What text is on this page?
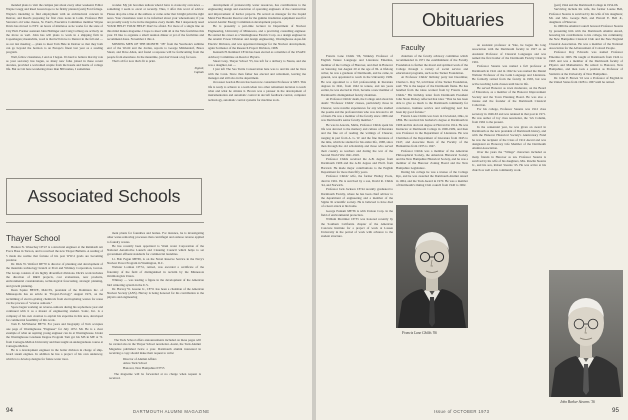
mended plans to visit the campus just about every other weekend. Editor Wayne Gregg and Reed Green hope to be firmly planted (som) Ford foliage. Wayne's intending to find employment with an architectural concern in Denver, and Reed's preparing for first class notes in Latin. Professor Bill Stevens's old wine cheese, St. Paul's, Executive Committee member Wayne Davis has moved to NYC on hours of mistletoe as he works for the state of City Hall. Former assistant John Hollinger and Craig Colburg are actively on the move as well. John has will plans to work in a shipping firm in Copenhagen; meanwhile, word is that he'll move to Denver in the fall and — as our last meeting — plans to meet Tom Hale in Denver so that they both can go beyond the horizon to an Europe's finest last year as a reading program.

Well, fellow classmates, I end as I began. It's hard to believe that my role as your secretary has begun, so many new folks joined in these recent decades, provided a welcomed respite from the hassle and bustle of college life. But as I sit here wondering more than 800 names, I sometimes

wonder. My job becomes tedious when I have to create my own news — something I seem to excel at recently. Thus, I offer this word of advice: Please drop me a line at the address or come order that I might print the right news. Your classmates want to be informed about your whereabouts; if you are proudly ready to be in the magazine every month. But I desperately need YOUR HELP! YOUR HELP! Don't be afraid. For more of a single line on this mind makes magazine. I hope to meet with all at the Yale festivities this year. I'd like to organize a small reunion dinner at yet of the festivities and recommend dates. November 2 this 4.

MISSING MEN OF THE MONTH: "28" from the Yearbook's sublime end of the World and the Jordan, reports to George Middendorf, Bruce Stuart, and Dave Allen, and found a response will be forthcoming from the people from elsewhere. In the meantime, just don't break a leg for teen.

That's all for now that's fit to print.

Signed,
Captain

development of praiseworthy water resources, has contributions to the engineering design and execution of operating engineers of the construction and improvement of harbor projects. He served as manager for the Liquid Metal Fast Breeder Reactor and for the gamma irradiation equipment used for several Atomic Energy Commission development projects.

He is presently a part-time lecturer in Department of Nuclear Engineering, University of Minnesota, and a practicing consulting engineer. He started his career as a Westinghouse Electric Corp. as a design engineer in the Atomic Power Division and design engineering, Westinghouse Aqua-fab Electric Division, and was appointed manager for the Nuclear development, again Sormanor of the Research Project Division, 1968.

Kenneth H. Reinhard CE'44 has been elected as a member of the USAEC Advisory Committee on Reactor Physics.

Stuart Gray, Thayer School '55, has left for a delivery to Nauru, and she was a daughter, kai —

I just left The Sea Turtle Conservation hate was to and his and he lives with the Conn. Since then father has elected and retirement, leaving me manager and still also in the department.

Ocoassez Gordon Brown has been now consultant Professor at MIT. This life is ready to achieve to a team when two other retirement decision to teach what and what he obtains it. Brown was a pioneer in the development of instrumentation and automatic control in aircraft feedback control, computer technology, automatic control systems for machine tools.

Associated Schools
Thayer School

Hudson N. Wazechay CE'47 is a structural engineer at the Reinhardt Air Force Base in Tucson, and is received the new Thayer Bulletin. A reading of 5 made me realize that fortune of his post WW-2 grads are becoming predator.

Dr. Dick W. Weiford DE'70 is director of planning and development of the materials technology branch at Pratt and Whitney Corporation, Groton. The Group consists of six highly diversified divisions. Dick's work includes the direction of R&D projects, cost evaluations, new products, environmental considerations, technological forecasting, strategic planning, and growth planning.

Dean Squire BEWE, MACSS, president of the Dominion Inc. of Minneapolis has an article in "Project-Ecology" August 1972, on the reclaiming of electro-plating chemicals from electroplating wastes for reuse via the process of "reverse osmosis."

Space began working on reverse-osmosis during his sophomore year and continued with it as a master of engineering student. Sonic, Inc. is a company of his own creation to exploit his expertise in this area, developed for commercial feasibility of this work.

Tom E. McWherter BE'70. For years and biography of Tom occupies one page of Westinghouse "Engineer" for July 1972. Mr. He is a clear example of what an aspiring young engineer can do at Westinghouse. Under the Westinghouse Graduate Degree Program Tom got his MS in ME at "0. from Carnegie-Mellon University and then taught an undergraduate course at Carnegie-Mellon.

He is a development engineer in the boiler division in charge of ship-board steam engines. In addition he has a project of his own underway, which is to develop designs for future water treat-

ment plants for foundries and homes. For instance, he is investigating other water-removing processes than centrifugal and osmose reverse applied to foundry wastes.

He has recently been appointed to Wash water Corporation of the National Automotive Launch and Cleaning Council which helps to set government effluent standards for commercial laundries.

Lt. Bob Fegan ME'69, is on the Naval Reserve Service in the Navy's Nuclear Power Program in Washington, D.C.

Webster Lorman CE'31, retired, was awarded a certificate of the fraternity of the field of distinguished in reclaim by the Minnesota Ornithologists Union.

Whitney — was leading a figure in the development of the American bird wintering system in the U.S.

Dr. Harvey W. Greene Jr., CE'51 has been a chairman of the American Nuclear Society (ANS). Harvey is being honored for his contribution to the physics and engineering

The Tuck School offers announcements included on these pages will be carried also in the Thayer School newsletter. Assist, the Tuck Alumni Magazine published twice a year. Dartmouth alumni interested in receiving a copy should make their request to write:

Director of Alumni Affairs
Amos Tuck School
Hanover, New Hampshire 03755

The magazine will be forwarded at no charge when request is received.

94	DARTMOUTH ALUMNI MAGAZINE
Obituaries
Faculty

Francis Lane Childs '06, Winkley Professor of English Tenure Language and Literature Emeritus, member of the College of Hanover, and died in Hanover on Saturday, last August 20 at the age of 84. A lifelong writer, he was a graduate of Dartmouth, and he came, in general, was appointed to teach in the University 1909. He was appointed to a full professorship in literature degrees in 1941, from 1942 in tenure, and ten years earlier, he was elected in 1941, became a new member of Dartmouth's distinguished faculty chairmen.

At Professor Childs' death, the College said about his death: "Professor Childs' classes, particularly those in Chaucer, were notable experiences for any who studied the poems and the profound man who was devoted to all of them. He was a member of the faculty since 1906 and was Dartmouth's senior faculty member."

He was in Aracala, Malta, Professor Childs spent his life was devoted to the memory and culture of literature and the fine art of reading the writings of Chaucer, ranging in part from A. G. W. and the fine literature of the time, which he studied for his entire life, 1968, since then through the old scholarship and those who served their country as teachers and during the war of the Second World War 1941-1945.

Professor Childs received the A.B. degree from Dartmouth 1906 and the A.M. degree and Ph.D. from Harvard. He made major contributions to the English Department for more than fifty years.

Professor Childs' wife, the former Hadley Poole, died in 1961. He is survived by a son, David R. Childs '44, and Norwich.

Professor Jack Jackson CE'44 recently graduated to Dartmouth Faculty, where he has been chief advisor to the department of engineering and a member of the Sigma Xi scientific society. He is believed to have died of a heart attack at his home.

George Putnam ME'36 is with Unison Corp. in the field of environmental protection.

William Mortimer CE'35 was honored recently by the Southern California chapter of the American Concrete Institute for a project of work at Lassen University in the period of work with advance to the student structure.

chairman of the faculty advisory committee which recommended in 1971 the establishment of the Faculty Foundation to further the moral and spiritual work of the College through a variety of social service and educational programs, such as the Tucker Foundation.

At Professor Childs' birthday party last December, Charles L. Ray '32, told Dean of the Tucker Foundation, said: "He is the keeper of the Dartmouth flame. He has handled from the ideas worked from by Francis Lane Childs." His birthday letter from Dartmouth President John Sloan Dickey reflected that idea: "That he has been able to give so much to the Dartmouth community for conscience, humane service and unflagging zeal has been my good fortune."

Francis Lane Childs was born in Cleveland, Ohio, in 1884. He received his bachelor's degree at Dartmouth in 1906 and his doctoral degree at Harvard in 1914. He was Instructor at Dartmouth College in 1906-1909, and then was Professor in the Department of Literature. He was Chairman of the Department of Literature from 1945 to 1947, and Associate Dean of the Faculty of the Humanities from 1935 to 1947.

Professor Childs was a member of the American Philosophical Society, the American Historical Society and the New Hampshire Historical Society, and he was a member of the Hanover Zoning Board and the New Hampshire Legislature.

During his college he was a trustee of the College Rye, and he was awarded the Dartmouth Alumni Award in 1964, and the Tuck Award in 1970. He was a member of Dartmouth's Outing Club council from 1940 to 1962.

Francis Lane Childs '06

an assistant professor at Yale, he began his long association with the Dartmouth faculty in 1927 as an Assistant Professor of Classical Languages and was named the first holder of the Dartmouth Faculty Chair in 1961.

Professor Stearns was named a full professor at Dartmouth in 1941 and in 1942 he was named the Daniel Webster Professor of the Latin Language and Literature. He formally retired from the faculty in 1965, but was active teaching Latin classes until late in life.

He served Hanover as town moderator, on the Board of Education, as a member of the Hanover Improvement Society and the Town Planning Board. He was also a trustee and the founder of the Dartmouth Classical Collection.

For his college, Professor Stearns was 1912 class secretary in 1946-63 and was retained in that post in 1971. He was author of Joy class newsletter, the '12s Column, from 1962 to the present.

In the centennial year, he was given an award in Dartmouth as the new president of Dartmouth history, and with the Hanover Historical Society's Anniversary Fund he was the recipient of the Class of 1912 Award and was designated an Honorary Life Member of the Dartmouth Alumni Association.

Over the years the "Village" characters included as many friends in Hanover as ten. Professor Stearns is survived by his wife of his daughters, Mrs. Rawlin Stearns Jr., and his son, Robert Stearns '45. He was active at his church as well as his community work.

(part) 1944 and the Dartmouth College in 1954-66.

Surviving include his wife, the former Louise Bell, Professor Stearns is survived by his wife of his daughters; Mr. and Mrs. George Bell, and Harold E. Bell Jr., daughters of Hanover.

In 1966 the Alumni Council honored Professor Stearns by presenting him with the Dartmouth Alumni Award, honoring his contributions to his college, his community, the New Hampshire Classical Club and the New England Classical Association. He was a member of the National Association for the Advancement of Colored People.

Professor Roy Edwards was named Professor Emeritus in 1963. He taught at Dartmouth from 1924 to 1963 and was a member of the Dartmouth faculty of Physics and Mathematics. He retired to Hanover, New Hampshire, and then took a position as Professor of Statistics at the University of New Hampshire.

Dr. John P. Brown '16 was a Professor of English in the United States from 1928 to 1967 until he retired.

John Barker Stearns '16
Issue of OCTOBER 1973	95
